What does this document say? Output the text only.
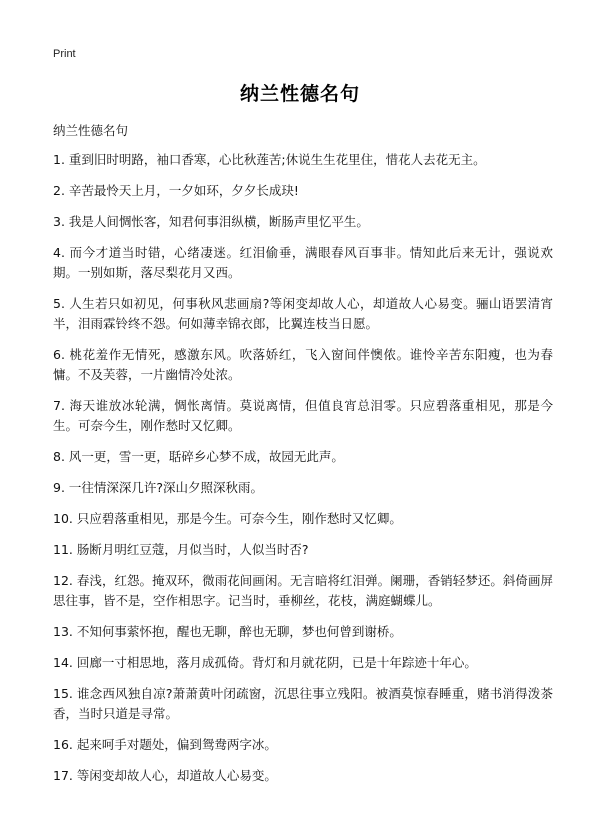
Print
纳兰性德名句
纳兰性德名句
1. 重到旧时明路，袖口香寒，心比秋莲苦;休说生生花里住，惜花人去花无主。
2. 辛苦最怜天上月，一夕如环，夕夕长成玦!
3. 我是人间惆怅客，知君何事泪纵横，断肠声里忆平生。
4. 而今才道当时错，心绪凄迷。红泪偷垂，满眼春风百事非。情知此后来无计，强说欢期。一别如斯，落尽梨花月又西。
5. 人生若只如初见，何事秋风悲画扇?等闲变却故人心，却道故人心易变。骊山语罢清宵半，泪雨霖铃终不怨。何如薄幸锦衣郎，比翼连枝当日愿。
6. 桃花羞作无情死，感激东风。吹落娇红，飞入窗间伴懊侬。谁怜辛苦东阳瘦，也为春慵。不及芙蓉，一片幽情冷处浓。
7. 海天谁放冰轮满，惆怅离情。莫说离情，但值良宵总泪零。只应碧落重相见，那是今生。可奈今生，刚作愁时又忆卿。
8. 风一更，雪一更，聒碎乡心梦不成，故园无此声。
9. 一往情深深几许?深山夕照深秋雨。
10. 只应碧落重相见，那是今生。可奈今生，刚作愁时又忆卿。
11. 肠断月明红豆蔻，月似当时，人似当时否?
12. 春浅，红怨。掩双环，微雨花间画闲。无言暗将红泪弹。阑珊，香销轻梦还。斜倚画屏思往事，皆不是，空作相思字。记当时，垂柳丝，花枝，满庭蝴蝶儿。
13. 不知何事萦怀抱，醒也无聊，醉也无聊，梦也何曾到谢桥。
14. 回廊一寸相思地，落月成孤倚。背灯和月就花阴，已是十年踪迹十年心。
15. 谁念西风独自凉?萧萧黄叶闭疏窗，沉思往事立残阳。被酒莫惊春睡重，赌书消得泼茶香，当时只道是寻常。
16. 起来呵手对题处，偏到鸳鸯两字冰。
17. 等闲变却故人心，却道故人心易变。
